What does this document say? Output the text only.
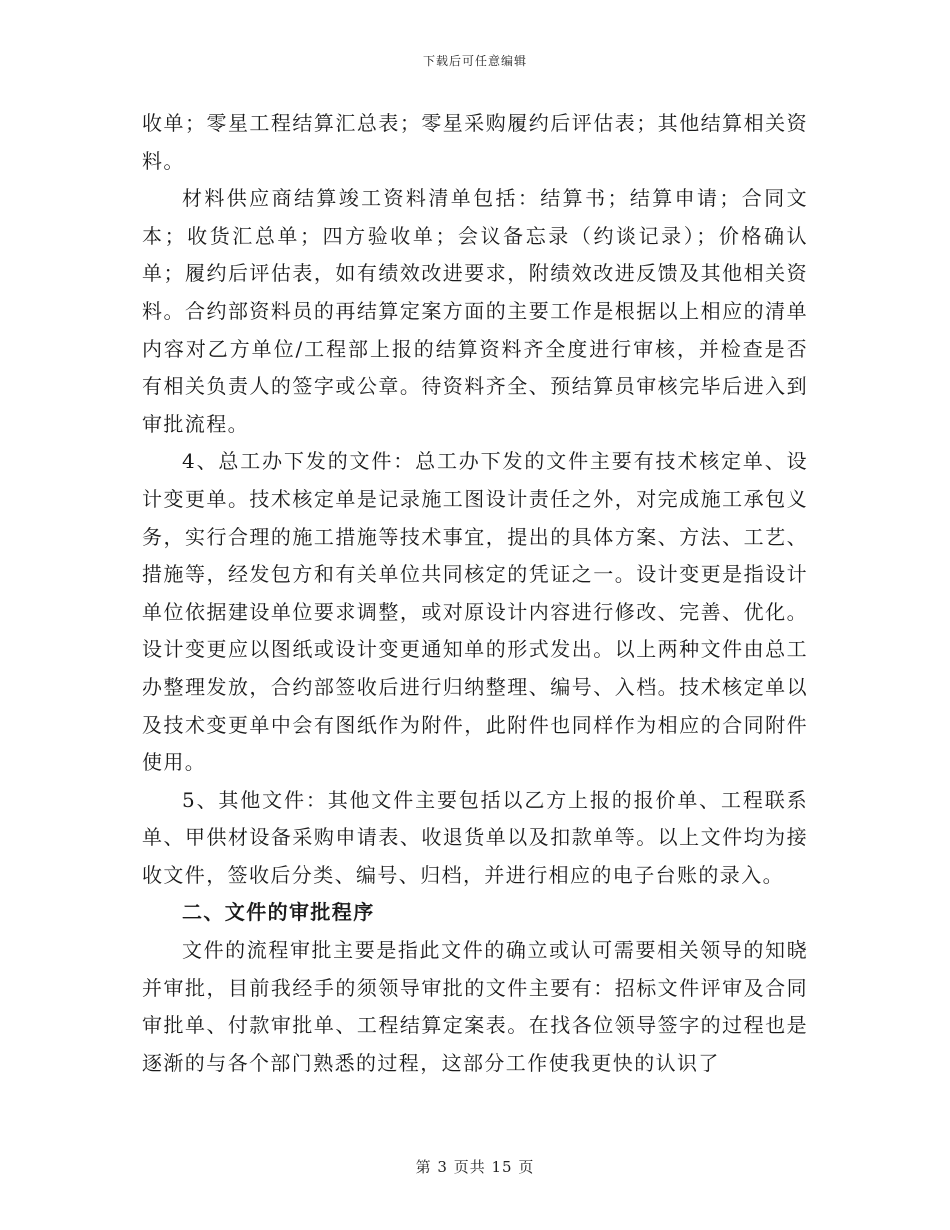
下载后可任意编辑

收单；零星工程结算汇总表；零星采购履约后评估表；其他结算相关资料。

材料供应商结算竣工资料清单包括：结算书；结算申请；合同文本；收货汇总单；四方验收单；会议备忘录（约谈记录）；价格确认单；履约后评估表，如有绩效改进要求，附绩效改进反馈及其他相关资料。合约部资料员的再结算定案方面的主要工作是根据以上相应的清单内容对乙方单位/工程部上报的结算资料齐全度进行审核，并检查是否有相关负责人的签字或公章。待资料齐全、预结算员审核完毕后进入到审批流程。

4、总工办下发的文件：总工办下发的文件主要有技术核定单、设计变更单。技术核定单是记录施工图设计责任之外，对完成施工承包义务，实行合理的施工措施等技术事宜，提出的具体方案、方法、工艺、措施等，经发包方和有关单位共同核定的凭证之一。设计变更是指设计单位依据建设单位要求调整，或对原设计内容进行修改、完善、优化。设计变更应以图纸或设计变更通知单的形式发出。以上两种文件由总工办整理发放，合约部签收后进行归纳整理、编号、入档。技术核定单以及技术变更单中会有图纸作为附件，此附件也同样作为相应的合同附件使用。

5、其他文件：其他文件主要包括以乙方上报的报价单、工程联系单、甲供材设备采购申请表、收退货单以及扣款单等。以上文件均为接收文件，签收后分类、编号、归档，并进行相应的电子台账的录入。

二、文件的审批程序

文件的流程审批主要是指此文件的确立或认可需要相关领导的知晓并审批，目前我经手的须领导审批的文件主要有：招标文件评审及合同审批单、付款审批单、工程结算定案表。在找各位领导签字的过程也是逐渐的与各个部门熟悉的过程，这部分工作使我更快的认识了

第 3 页共 15 页
